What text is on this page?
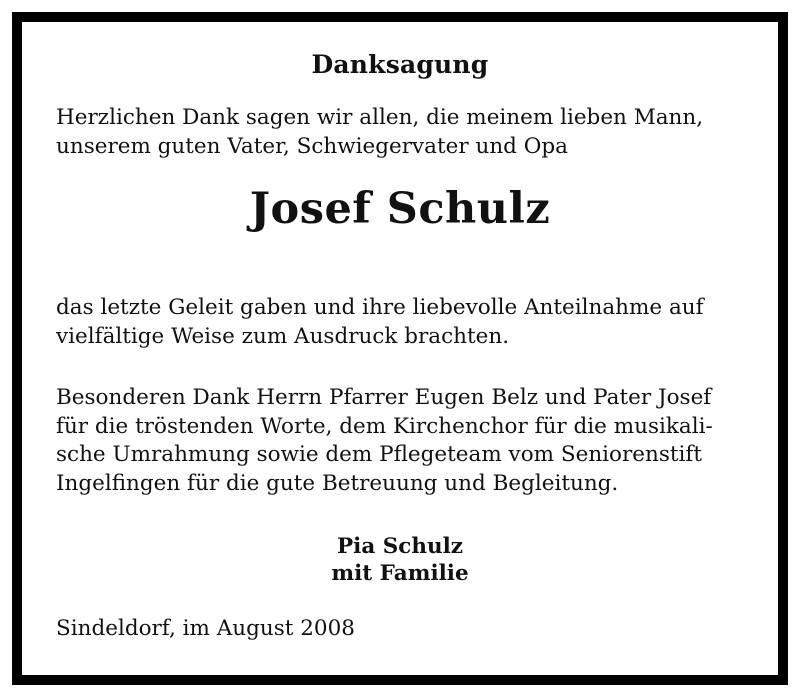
Danksagung
Herzlichen Dank sagen wir allen, die meinem lieben Mann,
unserem guten Vater, Schwiegervater und Opa
Josef Schulz
das letzte Geleit gaben und ihre liebevolle Anteilnahme auf
vielfältige Weise zum Ausdruck brachten.
Besonderen Dank Herrn Pfarrer Eugen Belz und Pater Josef
für die tröstenden Worte, dem Kirchenchor für die musikali-
sche Umrahmung sowie dem Pflegeteam vom Seniorenstift
Ingelfingen für die gute Betreuung und Begleitung.
Pia Schulz
mit Familie
Sindeldorf, im August 2008
